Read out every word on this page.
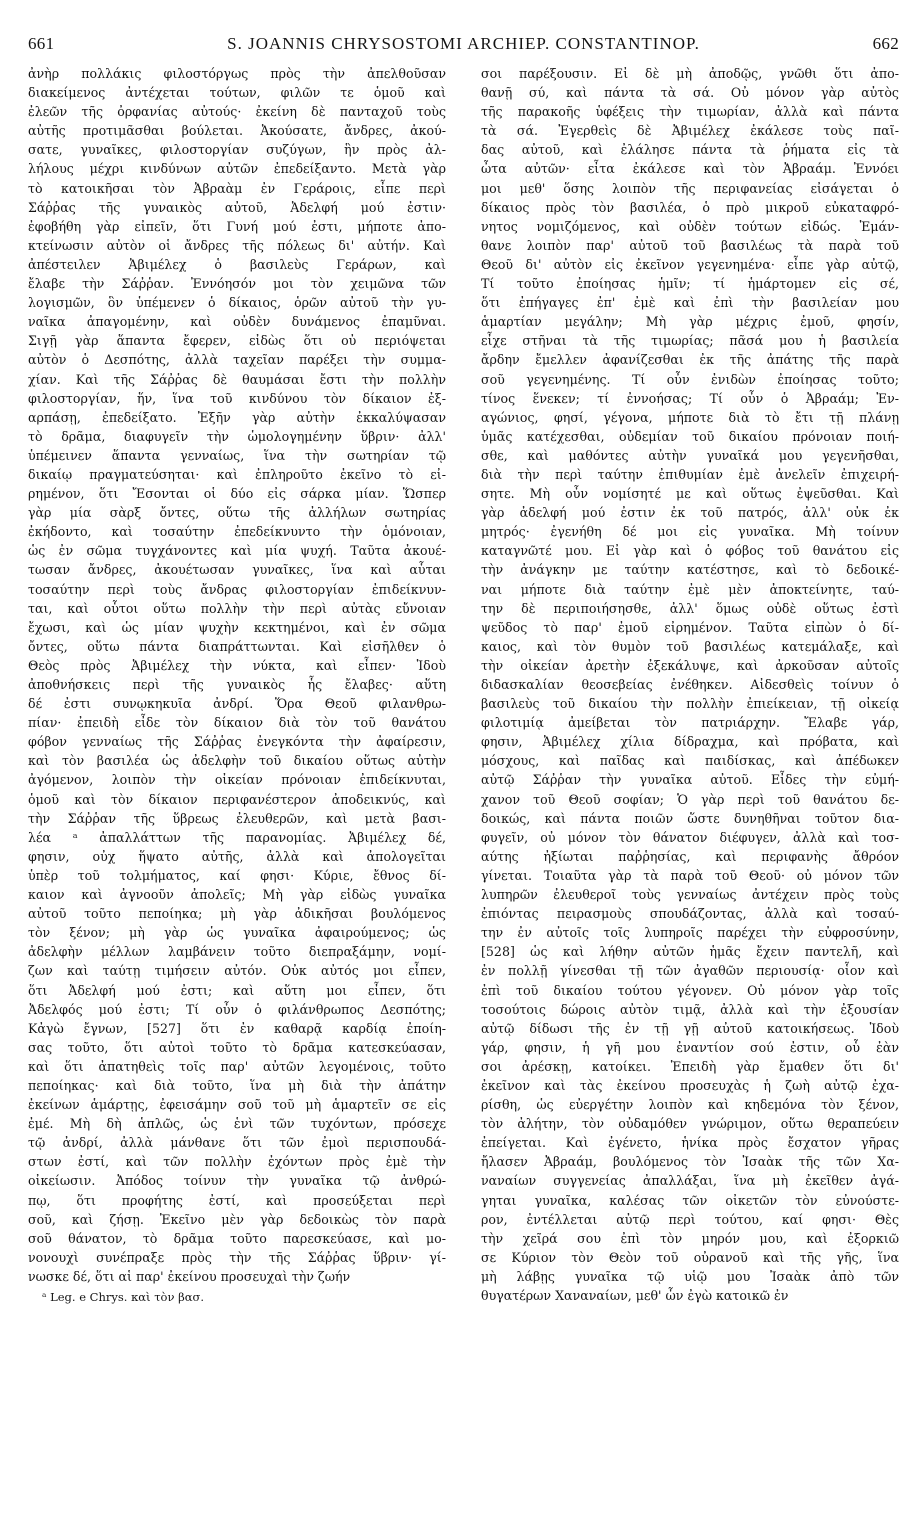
661	S. JOANNIS CHRYSOSTOMI ARCHIEP. CONSTANTINOP.	662

ἀνὴρ πολλάκις φιλοστόργως πρὸς τὴν ἀπελθοῦσαν
διακείμενος ἀντέχεται τούτων, φιλῶν τε ὁμοῦ καὶ
ἐλεῶν τῆς ὀρφανίας αὐτούς· ἐκείνη δὲ πανταχοῦ τοὺς
αὐτῆς προτιμᾶσθαι βούλεται. Ἀκούσατε, ἄνδρες, ἀκού-
σατε, γυναῖκες, φιλοστοργίαν συζύγων, ἣν πρὸς ἀλ-
λήλους μέχρι κινδύνων αὐτῶν ἐπεδείξαντο. Μετὰ γὰρ
τὸ κατοικῆσαι τὸν Ἀβραὰμ ἐν Γεράροις, εἶπε περὶ
Σάῤῥας τῆς γυναικὸς αὐτοῦ, Ἀδελφή μού ἐστιν·
ἐφοβήθη γὰρ εἰπεῖν, ὅτι Γυνή μού ἐστι, μήποτε ἀπο-
κτείνωσιν αὐτὸν οἱ ἄνδρες τῆς πόλεως δι' αὐτήν. Καὶ
ἀπέστειλεν Ἀβιμέλεχ ὁ βασιλεὺς Γεράρων, καὶ
ἔλαβε τὴν Σάῤῥαν. Ἐννόησόν μοι τὸν χειμῶνα τῶν
λογισμῶν, ὃν ὑπέμενεν ὁ δίκαιος, ὁρῶν αὐτοῦ τὴν γυ-
ναῖκα ἀπαγομένην, καὶ οὐδὲν δυνάμενος ἐπαμῦναι.
Σιγῇ γὰρ ἅπαντα ἔφερεν, εἰδὼς ὅτι οὐ περιόψεται
αὐτὸν ὁ Δεσπότης, ἀλλὰ ταχεῖαν παρέξει τὴν συμμα-
χίαν. Καὶ τῆς Σάῤῥας δὲ θαυμάσαι ἔστι τὴν πολλὴν
φιλοστοργίαν, ἥν, ἵνα τοῦ κινδύνου τὸν δίκαιον ἐξ-
αρπάσῃ, ἐπεδείξατο. Ἐξῆν γὰρ αὐτὴν ἐκκαλύψασαν
τὸ δρᾶμα, διαφυγεῖν τὴν ὡμολογημένην ὕβριν· ἀλλ'
ὑπέμεινεν ἅπαντα γενναίως, ἵνα τὴν σωτηρίαν τῷ
δικαίῳ πραγματεύσηται· καὶ ἐπληροῦτο ἐκεῖνο τὸ εἰ-
ρημένον, ὅτι Ἔσονται οἱ δύο εἰς σάρκα μίαν. Ὥσπερ
γὰρ μία σὰρξ ὄντες, οὕτω τῆς ἀλλήλων σωτηρίας
ἐκήδοντο, καὶ τοσαύτην ἐπεδείκνυντο τὴν ὁμόνοιαν,
ὡς ἐν σῶμα τυγχάνοντες καὶ μία ψυχή. Ταῦτα ἀκουέ-
τωσαν ἄνδρες, ἀκουέτωσαν γυναῖκες, ἵνα καὶ αὗται
τοσαύτην περὶ τοὺς ἄνδρας φιλοστοργίαν ἐπιδείκνυν-
ται, καὶ οὗτοι οὕτω πολλὴν τὴν περὶ αὐτὰς εὔνοιαν
ἔχωσι, καὶ ὡς μίαν ψυχὴν κεκτημένοι, καὶ ἐν σῶμα
ὄντες, οὕτω πάντα διαπράττωνται. Καὶ εἰσῆλθεν ὁ
Θεὸς πρὸς Ἀβιμέλεχ τὴν νύκτα, καὶ εἶπεν· Ἰδοὺ
ἀποθνήσκεις περὶ τῆς γυναικὸς ἧς ἔλαβες· αὕτη
δέ ἐστι συνῳκηκυῖα ἀνδρί. Ὅρα Θεοῦ φιλανθρω-
πίαν· ἐπειδὴ εἶδε τὸν δίκαιον διὰ τὸν τοῦ θανάτου
φόβον γενναίως τῆς Σάῤῥας ἐνεγκόντα τὴν ἀφαίρεσιν,
καὶ τὸν βασιλέα ὡς ἀδελφὴν τοῦ δικαίου οὕτως αὐτὴν
ἀγόμενον, λοιπὸν τὴν οἰκείαν πρόνοιαν ἐπιδείκνυται,
ὁμοῦ καὶ τὸν δίκαιον περιφανέστερον ἀποδεικνύς, καὶ
τὴν Σάῤῥαν τῆς ὕβρεως ἐλευθερῶν, καὶ μετὰ βασι-
λέα ᵃ ἀπαλλάττων τῆς παρανομίας. Ἀβιμέλεχ δέ,
φησιν, οὐχ ἥψατο αὐτῆς, ἀλλὰ καὶ ἀπολογεῖται
ὑπὲρ τοῦ τολμήματος, καί φησι· Κύριε, ἔθνος δί-
καιον καὶ ἀγνοοῦν ἀπολεῖς; Μὴ γὰρ εἰδὼς γυναῖκα
αὐτοῦ τοῦτο πεποίηκα; μὴ γὰρ ἀδικῆσαι βουλόμενος
τὸν ξένον; μὴ γὰρ ὡς γυναῖκα ἀφαιρούμενος; ὡς
ἀδελφὴν μέλλων λαμβάνειν τοῦτο διεπραξάμην, νομί-
ζων καὶ ταύτῃ τιμήσειν αὐτόν. Οὐκ αὐτός μοι εἶπεν,
ὅτι Ἀδελφή μού ἐστι; καὶ αὕτη μοι εἶπεν, ὅτι
Ἀδελφός μού ἐστι; Τί οὖν ὁ φιλάνθρωπος Δεσπότης;
Κἀγὼ ἔγνων, [527] ὅτι ἐν καθαρᾷ καρδίᾳ ἐποίη-
σας τοῦτο, ὅτι αὐτοὶ τοῦτο τὸ δρᾶμα κατεσκεύασαν,
καὶ ὅτι ἀπατηθεὶς τοῖς παρ' αὐτῶν λεγομένοις, τοῦτο
πεποίηκας· καὶ διὰ τοῦτο, ἵνα μὴ διὰ τὴν ἀπάτην
ἐκείνων ἁμάρτῃς, ἐφεισάμην σοῦ τοῦ μὴ ἁμαρτεῖν σε εἰς
ἐμέ. Μὴ δὴ ἁπλῶς, ὡς ἑνὶ τῶν τυχόντων, πρόσεχε
τῷ ἀνδρί, ἀλλὰ μάνθανε ὅτι τῶν ἐμοὶ περισπουδά-
στων ἐστί, καὶ τῶν πολλὴν ἐχόντων πρὸς ἐμὲ τὴν
οἰκείωσιν. Ἀπόδος τοίνυν τὴν γυναῖκα τῷ ἀνθρώ-
πῳ, ὅτι προφήτης ἐστί, καὶ προσεύξεται περὶ
σοῦ, καὶ ζήσῃ. Ἐκεῖνο μὲν γὰρ δεδοικὼς τὸν παρὰ
σοῦ θάνατον, τὸ δρᾶμα τοῦτο παρεσκεύασε, καὶ μο-
νονουχὶ συνέπραξε πρὸς τὴν τῆς Σάῤῥας ὕβριν· γί-
νωσκε δέ, ὅτι αἱ παρ' ἐκείνου προσευχαὶ τὴν ζωήν

ᵃ Leg. e Chrys. καὶ τὸν βασ.

σοι παρέξουσιν. Εἰ δὲ μὴ ἀποδῷς, γνῶθι ὅτι ἀπο-
θανῇ σύ, καὶ πάντα τὰ σά. Οὐ μόνον γὰρ αὐτὸς
τῆς παρακοῆς ὑφέξεις τὴν τιμωρίαν, ἀλλὰ καὶ πάντα
τὰ σά. Ἐγερθεὶς δὲ Ἀβιμέλεχ ἐκάλεσε τοὺς παῖ-
δας αὐτοῦ, καὶ ἐλάλησε πάντα τὰ ῥήματα εἰς τὰ
ὦτα αὐτῶν· εἶτα ἐκάλεσε καὶ τὸν Ἀβραάμ. Ἐννόει
μοι μεθ' ὅσης λοιπὸν τῆς περιφανείας εἰσάγεται ὁ
δίκαιος πρὸς τὸν βασιλέα, ὁ πρὸ μικροῦ εὐκαταφρό-
νητος νομιζόμενος, καὶ οὐδὲν τούτων εἰδώς. Ἐμάν-
θανε λοιπὸν παρ' αὐτοῦ τοῦ βασιλέως τὰ παρὰ τοῦ
Θεοῦ δι' αὐτὸν εἰς ἐκεῖνον γεγενημένα· εἶπε γὰρ αὐτῷ,
Τί τοῦτο ἐποίησας ἡμῖν; τί ἡμάρτομεν εἰς σέ,
ὅτι ἐπήγαγες ἐπ' ἐμὲ καὶ ἐπὶ τὴν βασιλείαν μου
ἁμαρτίαν μεγάλην; Μὴ γὰρ μέχρις ἐμοῦ, φησίν,
εἶχε στῆναι τὰ τῆς τιμωρίας; πᾶσά μου ἡ βασιλεία
ἄρδην ἔμελλεν ἀφανίζεσθαι ἐκ τῆς ἀπάτης τῆς παρὰ
σοῦ γεγενημένης. Τί οὖν ἐνιδὼν ἐποίησας τοῦτο;
τίνος ἕνεκεν; τί ἐννοήσας; Τί οὖν ὁ Ἀβραάμ; Ἐν-
αγώνιος, φησί, γέγονα, μήποτε διὰ τὸ ἔτι τῇ πλάνῃ
ὑμᾶς κατέχεσθαι, οὐδεμίαν τοῦ δικαίου πρόνοιαν ποιή-
σθε, καὶ μαθόντες αὐτὴν γυναῖκά μου γεγενῆσθαι,
διὰ τὴν περὶ ταύτην ἐπιθυμίαν ἐμὲ ἀνελεῖν ἐπιχειρή-
σητε. Μὴ οὖν νομίσητέ με καὶ οὕτως ἐψεῦσθαι. Καὶ
γὰρ ἀδελφή μού ἐστιν ἐκ τοῦ πατρός, ἀλλ' οὐκ ἐκ
μητρός· ἐγενήθη δέ μοι εἰς γυναῖκα. Μὴ τοίνυν
καταγνῶτέ μου. Εἰ γὰρ καὶ ὁ φόβος τοῦ θανάτου εἰς
τὴν ἀνάγκην με ταύτην κατέστησε, καὶ τὸ δεδοικέ-
ναι μήποτε διὰ ταύτην ἐμὲ μὲν ἀποκτείνητε, ταύ-
την δὲ περιποιήσησθε, ἀλλ' ὅμως οὐδὲ οὕτως ἐστὶ
ψεῦδος τὸ παρ' ἐμοῦ εἰρημένον. Ταῦτα εἰπὼν ὁ δί-
καιος, καὶ τὸν θυμὸν τοῦ βασιλέως κατεμάλαξε, καὶ
τὴν οἰκείαν ἀρετὴν ἐξεκάλυψε, καὶ ἀρκοῦσαν αὐτοῖς
διδασκαλίαν θεοσεβείας ἐνέθηκεν. Αἰδεσθεὶς τοίνυν ὁ
βασιλεὺς τοῦ δικαίου τὴν πολλὴν ἐπιείκειαν, τῇ οἰκείᾳ
φιλοτιμίᾳ ἀμείβεται τὸν πατριάρχην. Ἔλαβε γάρ,
φησιν, Ἀβιμέλεχ χίλια δίδραχμα, καὶ πρόβατα, καὶ
μόσχους, καὶ παῖδας καὶ παιδίσκας, καὶ ἀπέδωκεν
αὐτῷ Σάῤῥαν τὴν γυναῖκα αὐτοῦ. Εἶδες τὴν εὐμή-
χανον τοῦ Θεοῦ σοφίαν; Ὁ γὰρ περὶ τοῦ θανάτου δε-
δοικώς, καὶ πάντα ποιῶν ὥστε δυνηθῆναι τοῦτον δια-
φυγεῖν, οὐ μόνον τὸν θάνατον διέφυγεν, ἀλλὰ καὶ τοσ-
αύτης ἠξίωται παῤῥησίας, καὶ περιφανὴς ἄθρόον
γίνεται. Τοιαῦτα γὰρ τὰ παρὰ τοῦ Θεοῦ· οὐ μόνον τῶν
λυπηρῶν ἐλευθεροῖ τοὺς γενναίως ἀντέχειν πρὸς τοὺς
ἐπιόντας πειρασμοὺς σπουδάζοντας, ἀλλὰ καὶ τοσαύ-
την ἐν αὐτοῖς τοῖς λυπηροῖς παρέχει τὴν εὐφροσύνην,
[528] ὡς καὶ λήθην αὐτῶν ἡμᾶς ἔχειν παντελῆ, καὶ
ἐν πολλῇ γίνεσθαι τῇ τῶν ἀγαθῶν περιουσίᾳ· οἷον καὶ
ἐπὶ τοῦ δικαίου τούτου γέγονεν. Οὐ μόνον γὰρ τοῖς
τοσούτοις δώροις αὐτὸν τιμᾷ, ἀλλὰ καὶ τὴν ἐξουσίαν
αὐτῷ δίδωσι τῆς ἐν τῇ γῇ αὐτοῦ κατοικήσεως. Ἰδοὺ
γάρ, φησιν, ἡ γῆ μου ἐναντίον σού ἐστιν, οὗ ἐὰν
σοι ἀρέσκῃ, κατοίκει. Ἐπειδὴ γὰρ ἔμαθεν ὅτι δι'
ἐκεῖνον καὶ τὰς ἐκείνου προσευχὰς ἡ ζωὴ αὐτῷ ἐχα-
ρίσθη, ὡς εὐεργέτην λοιπὸν καὶ κηδεμόνα τὸν ξένον,
τὸν ἀλήτην, τὸν οὐδαμόθεν γνώριμον, οὕτω θεραπεύειν
ἐπείγεται. Καὶ ἐγένετο, ἡνίκα πρὸς ἔσχατον γῆρας
ἤλασεν Ἀβραάμ, βουλόμενος τὸν Ἰσαὰκ τῆς τῶν Χα-
ναναίων συγγενείας ἀπαλλάξαι, ἵνα μὴ ἐκεῖθεν ἀγά-
γηται γυναῖκα, καλέσας τῶν οἰκετῶν τὸν εὐνούστε-
ρον, ἐντέλλεται αὐτῷ περὶ τούτου, καί φησι· Θὲς
τὴν χεῖρά σου ἐπὶ τὸν μηρόν μου, καὶ ἐξορκιῶ
σε Κύριον τὸν Θεὸν τοῦ οὐρανοῦ καὶ τῆς γῆς, ἵνα
μὴ λάβῃς γυναῖκα τῷ υἱῷ μου Ἰσαὰκ ἀπὸ τῶν
θυγατέρων Χαναναίων, μεθ' ὧν ἐγὼ κατοικῶ ἐν
